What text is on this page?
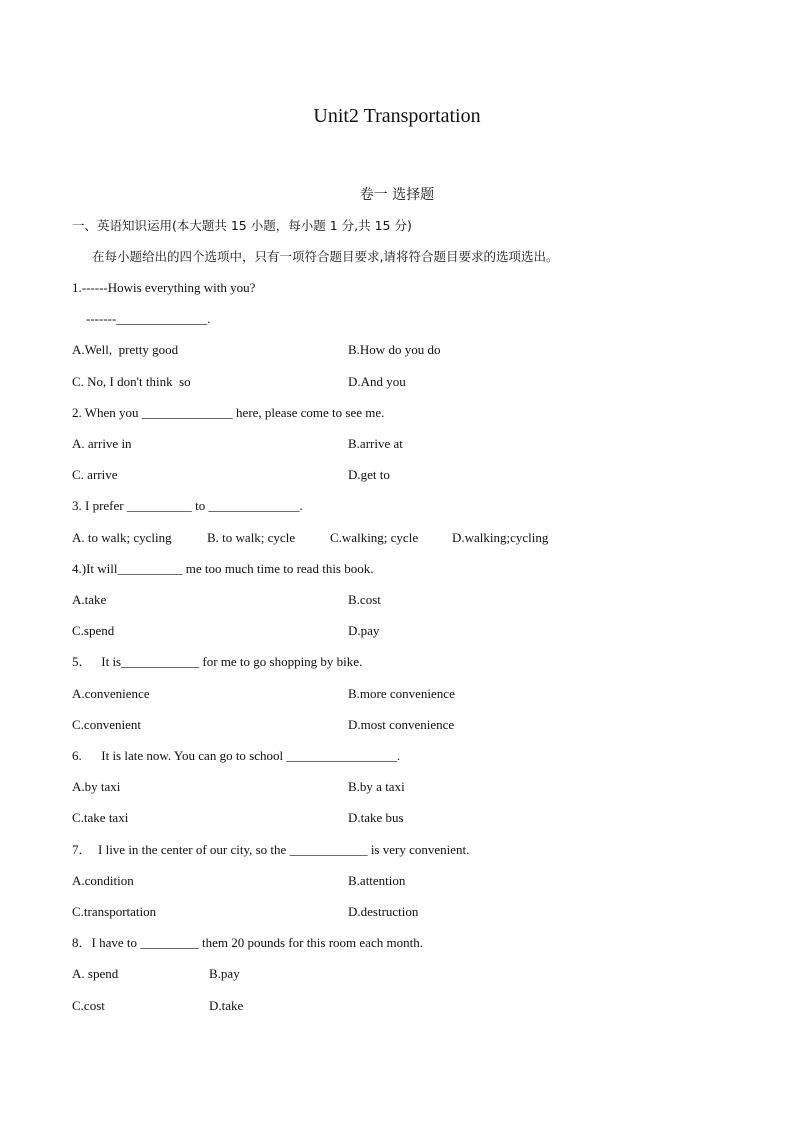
Unit2 Transportation
卷一 选择题
一、英语知识运用(本大题共 15 小题，每小题 1 分,共 15 分)
在每小题给出的四个选项中，只有一项符合题目要求,请将符合题目要求的选项选出。
1.------Howis everything with you?
-------______________.
A.Well,  pretty good	B.How do you do
C. No, I don't think  so	D.And you
2. When you ______________ here, please come to see me.
A. arrive in	B.arrive at
C. arrive	D.get to
3. I prefer __________ to ______________.
A. to walk; cycling	B. to walk; cycle	C.walking; cycle	D.walking;cycling
4.)It will__________ me too much time to read this book.
A.take	B.cost
C.spend	D.pay
5．   It is____________ for me to go shopping by bike.
A.convenience	B.more convenience
C.convenient	D.most convenience
6.      It is late now. You can go to school _________________.
A.by taxi	B.by a taxi
C.take taxi	D.take bus
7．  I live in the center of our city, so the ____________ is very convenient.
A.condition	B.attention
C.transportation	D.destruction
8．I have to _________ them 20 pounds for this room each month.
A. spend	B.pay
C.cost	D.take
